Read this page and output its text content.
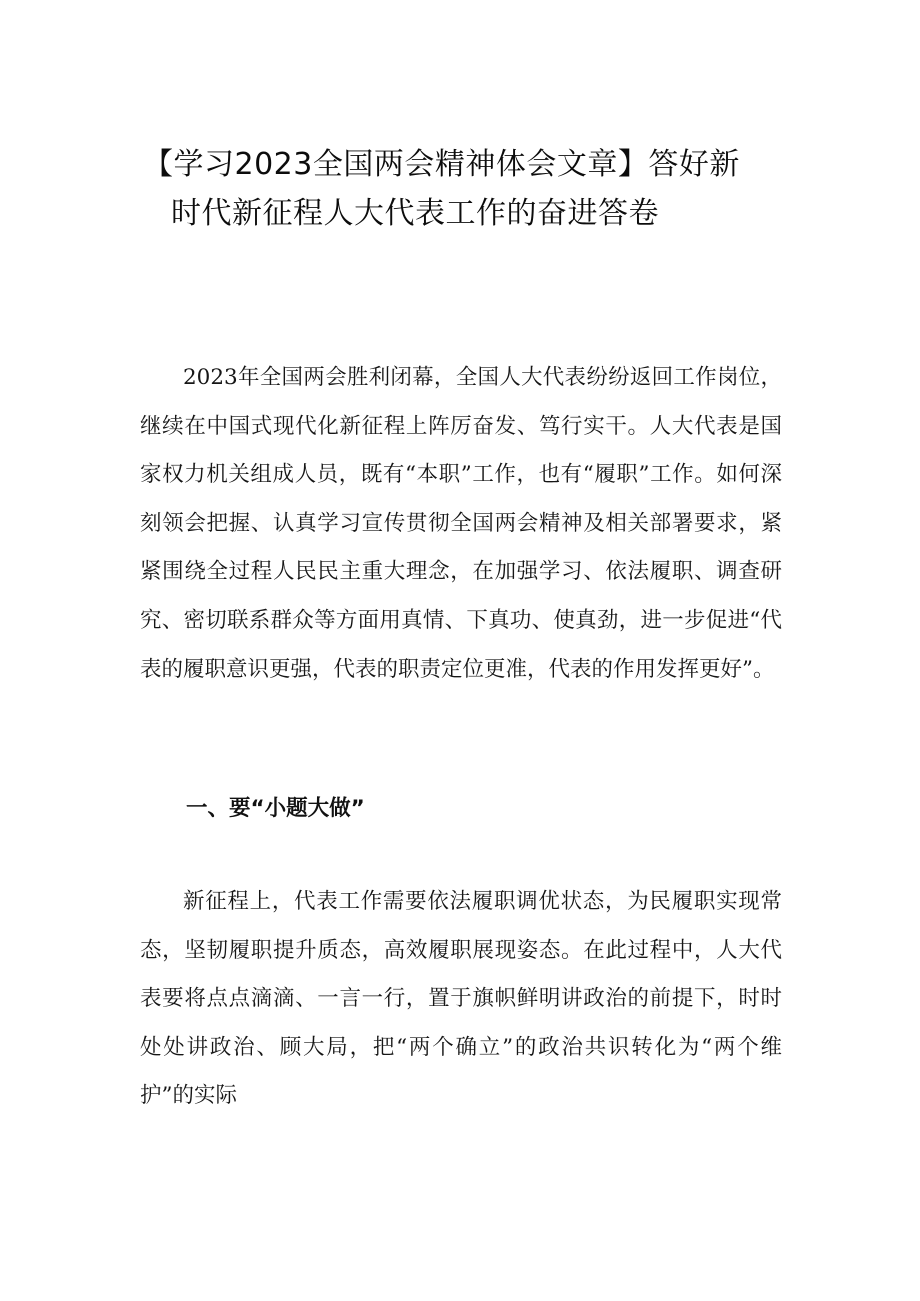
【学习2023全国两会精神体会文章】答好新
时代新征程人大代表工作的奋进答卷

2023年全国两会胜利闭幕，全国人大代表纷纷返回工作岗位，继续在中国式现代化新征程上阵厉奋发、笃行实干。人大代表是国家权力机关组成人员，既有“本职”工作，也有“履职”工作。如何深刻领会把握、认真学习宣传贯彻全国两会精神及相关部署要求，紧紧围绕全过程人民民主重大理念，在加强学习、依法履职、调查研究、密切联系群众等方面用真情、下真功、使真劲，进一步促进“代表的履职意识更强，代表的职责定位更准，代表的作用发挥更好”。

一、要“小题大做”

新征程上，代表工作需要依法履职调优状态，为民履职实现常态，坚韧履职提升质态，高效履职展现姿态。在此过程中，人大代表要将点点滴滴、一言一行，置于旗帜鲜明讲政治的前提下，时时处处讲政治、顾大局，把“两个确立”的政治共识转化为“两个维护”的实际
